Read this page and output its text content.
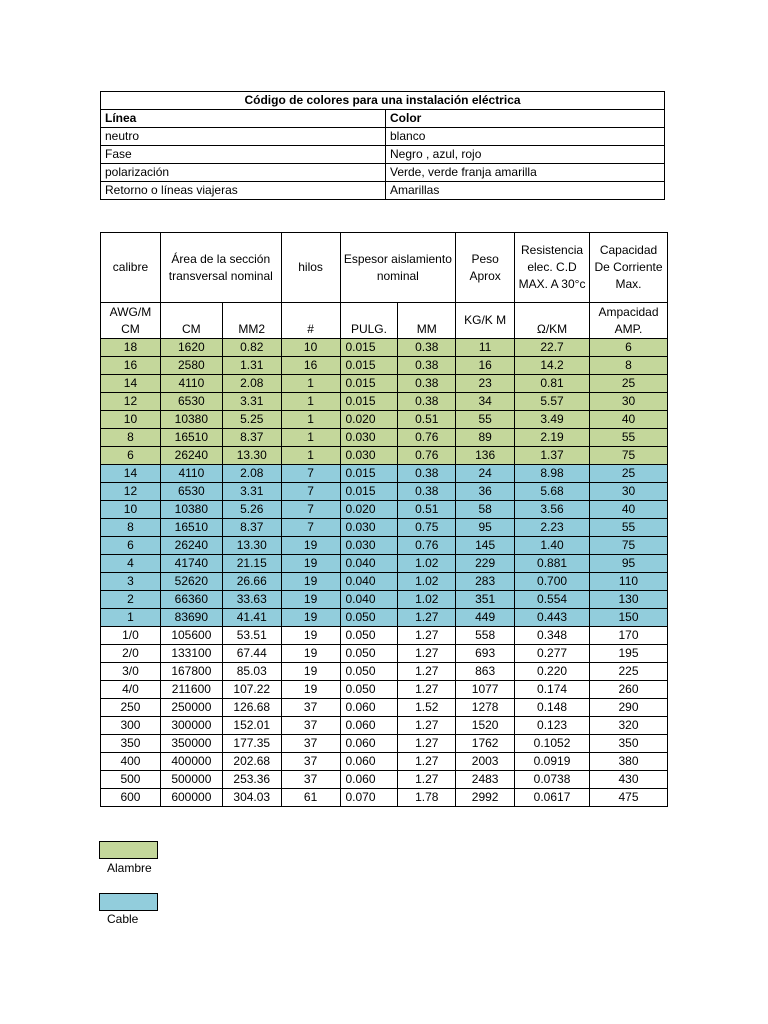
Código de colores para una instalación eléctrica	
Línea	Color
neutro	blanco
Fase	Negro , azul, rojo
polarización	Verde, verde franja amarilla
Retorno o líneas viajeras	Amarillas
calibre	Área de la sección transversal nominal		hilos	Espesor aislamiento nominal		Peso Aprox	Resistencia elec. C.D MAX. A 30°c	Capacidad De Corriente Max.
AWG/M CM	CM	MM2	#	PULG.	MM	KG/K M	Ω/KM	Ampacidad AMP.
18	1620	0.82	10	0.015	0.38	11	22.7	6
16	2580	1.31	16	0.015	0.38	16	14.2	8
14	4110	2.08	1	0.015	0.38	23	0.81	25
12	6530	3.31	1	0.015	0.38	34	5.57	30
10	10380	5.25	1	0.020	0.51	55	3.49	40
8	16510	8.37	1	0.030	0.76	89	2.19	55
6	26240	13.30	1	0.030	0.76	136	1.37	75
14	4110	2.08	7	0.015	0.38	24	8.98	25
12	6530	3.31	7	0.015	0.38	36	5.68	30
10	10380	5.26	7	0.020	0.51	58	3.56	40
8	16510	8.37	7	0.030	0.75	95	2.23	55
6	26240	13.30	19	0.030	0.76	145	1.40	75
4	41740	21.15	19	0.040	1.02	229	0.881	95
3	52620	26.66	19	0.040	1.02	283	0.700	110
2	66360	33.63	19	0.040	1.02	351	0.554	130
1	83690	41.41	19	0.050	1.27	449	0.443	150
1/0	105600	53.51	19	0.050	1.27	558	0.348	170
2/0	133100	67.44	19	0.050	1.27	693	0.277	195
3/0	167800	85.03	19	0.050	1.27	863	0.220	225
4/0	211600	107.22	19	0.050	1.27	1077	0.174	260
250	250000	126.68	37	0.060	1.52	1278	0.148	290
300	300000	152.01	37	0.060	1.27	1520	0.123	320
350	350000	177.35	37	0.060	1.27	1762	0.1052	350
400	400000	202.68	37	0.060	1.27	2003	0.0919	380
500	500000	253.36	37	0.060	1.27	2483	0.0738	430
600	600000	304.03	61	0.070	1.78	2992	0.0617	475
Alambre
Cable
